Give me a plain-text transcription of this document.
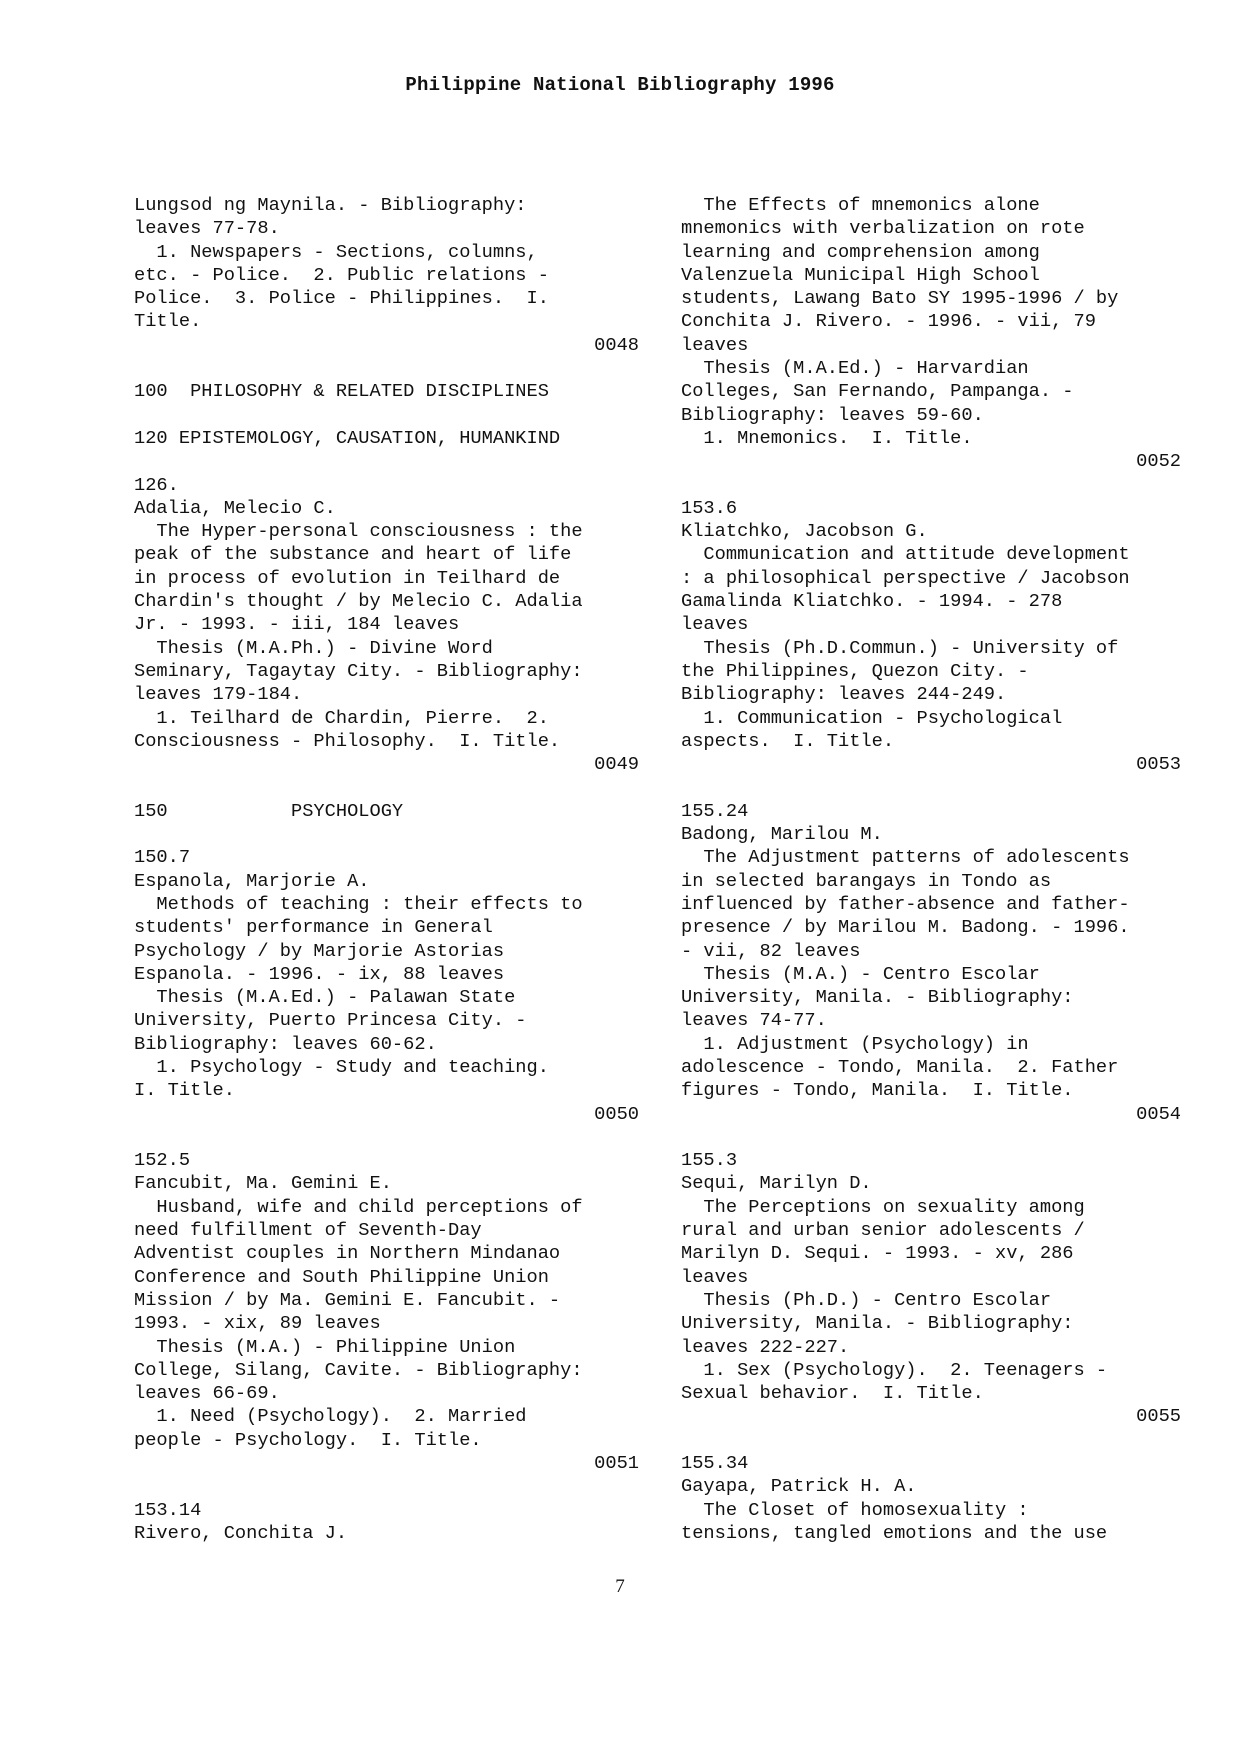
Philippine National Bibliography 1996
Lungsod ng Maynila. - Bibliography:
leaves 77-78.
1. Newspapers - Sections, columns,
etc. - Police.  2. Public relations -
Police.  3. Police - Philippines.  I.
Title.
0048
100  PHILOSOPHY & RELATED DISCIPLINES
120 EPISTEMOLOGY, CAUSATION, HUMANKIND
126.
Adalia, Melecio C.
The Hyper-personal consciousness : the
peak of the substance and heart of life
in process of evolution in Teilhard de
Chardin's thought / by Melecio C. Adalia
Jr. - 1993. - iii, 184 leaves
Thesis (M.A.Ph.) - Divine Word
Seminary, Tagaytay City. - Bibliography:
leaves 179-184.
1. Teilhard de Chardin, Pierre.  2.
Consciousness - Philosophy.  I. Title.
0049
150           PSYCHOLOGY
150.7
Espanola, Marjorie A.
Methods of teaching : their effects to
students' performance in General
Psychology / by Marjorie Astorias
Espanola. - 1996. - ix, 88 leaves
Thesis (M.A.Ed.) - Palawan State
University, Puerto Princesa City. -
Bibliography: leaves 60-62.
1. Psychology - Study and teaching.
I. Title.
0050
152.5
Fancubit, Ma. Gemini E.
Husband, wife and child perceptions of
need fulfillment of Seventh-Day
Adventist couples in Northern Mindanao
Conference and South Philippine Union
Mission / by Ma. Gemini E. Fancubit. -
1993. - xix, 89 leaves
Thesis (M.A.) - Philippine Union
College, Silang, Cavite. - Bibliography:
leaves 66-69.
1. Need (Psychology).  2. Married
people - Psychology.  I. Title.
0051
153.14
Rivero, Conchita J.
The Effects of mnemonics alone
mnemonics with verbalization on rote
learning and comprehension among
Valenzuela Municipal High School
students, Lawang Bato SY 1995-1996 / by
Conchita J. Rivero. - 1996. - vii, 79
leaves
Thesis (M.A.Ed.) - Harvardian
Colleges, San Fernando, Pampanga. -
Bibliography: leaves 59-60.
1. Mnemonics.  I. Title.
0052
153.6
Kliatchko, Jacobson G.
Communication and attitude development
: a philosophical perspective / Jacobson
Gamalinda Kliatchko. - 1994. - 278
leaves
Thesis (Ph.D.Commun.) - University of
the Philippines, Quezon City. -
Bibliography: leaves 244-249.
1. Communication - Psychological
aspects.  I. Title.
0053
155.24
Badong, Marilou M.
The Adjustment patterns of adolescents
in selected barangays in Tondo as
influenced by father-absence and father-
presence / by Marilou M. Badong. - 1996.
- vii, 82 leaves
Thesis (M.A.) - Centro Escolar
University, Manila. - Bibliography:
leaves 74-77.
1. Adjustment (Psychology) in
adolescence - Tondo, Manila.  2. Father
figures - Tondo, Manila.  I. Title.
0054
155.3
Sequi, Marilyn D.
The Perceptions on sexuality among
rural and urban senior adolescents /
Marilyn D. Sequi. - 1993. - xv, 286
leaves
Thesis (Ph.D.) - Centro Escolar
University, Manila. - Bibliography:
leaves 222-227.
1. Sex (Psychology).  2. Teenagers -
Sexual behavior.  I. Title.
0055
155.34
Gayapa, Patrick H. A.
The Closet of homosexuality :
tensions, tangled emotions and the use
7
